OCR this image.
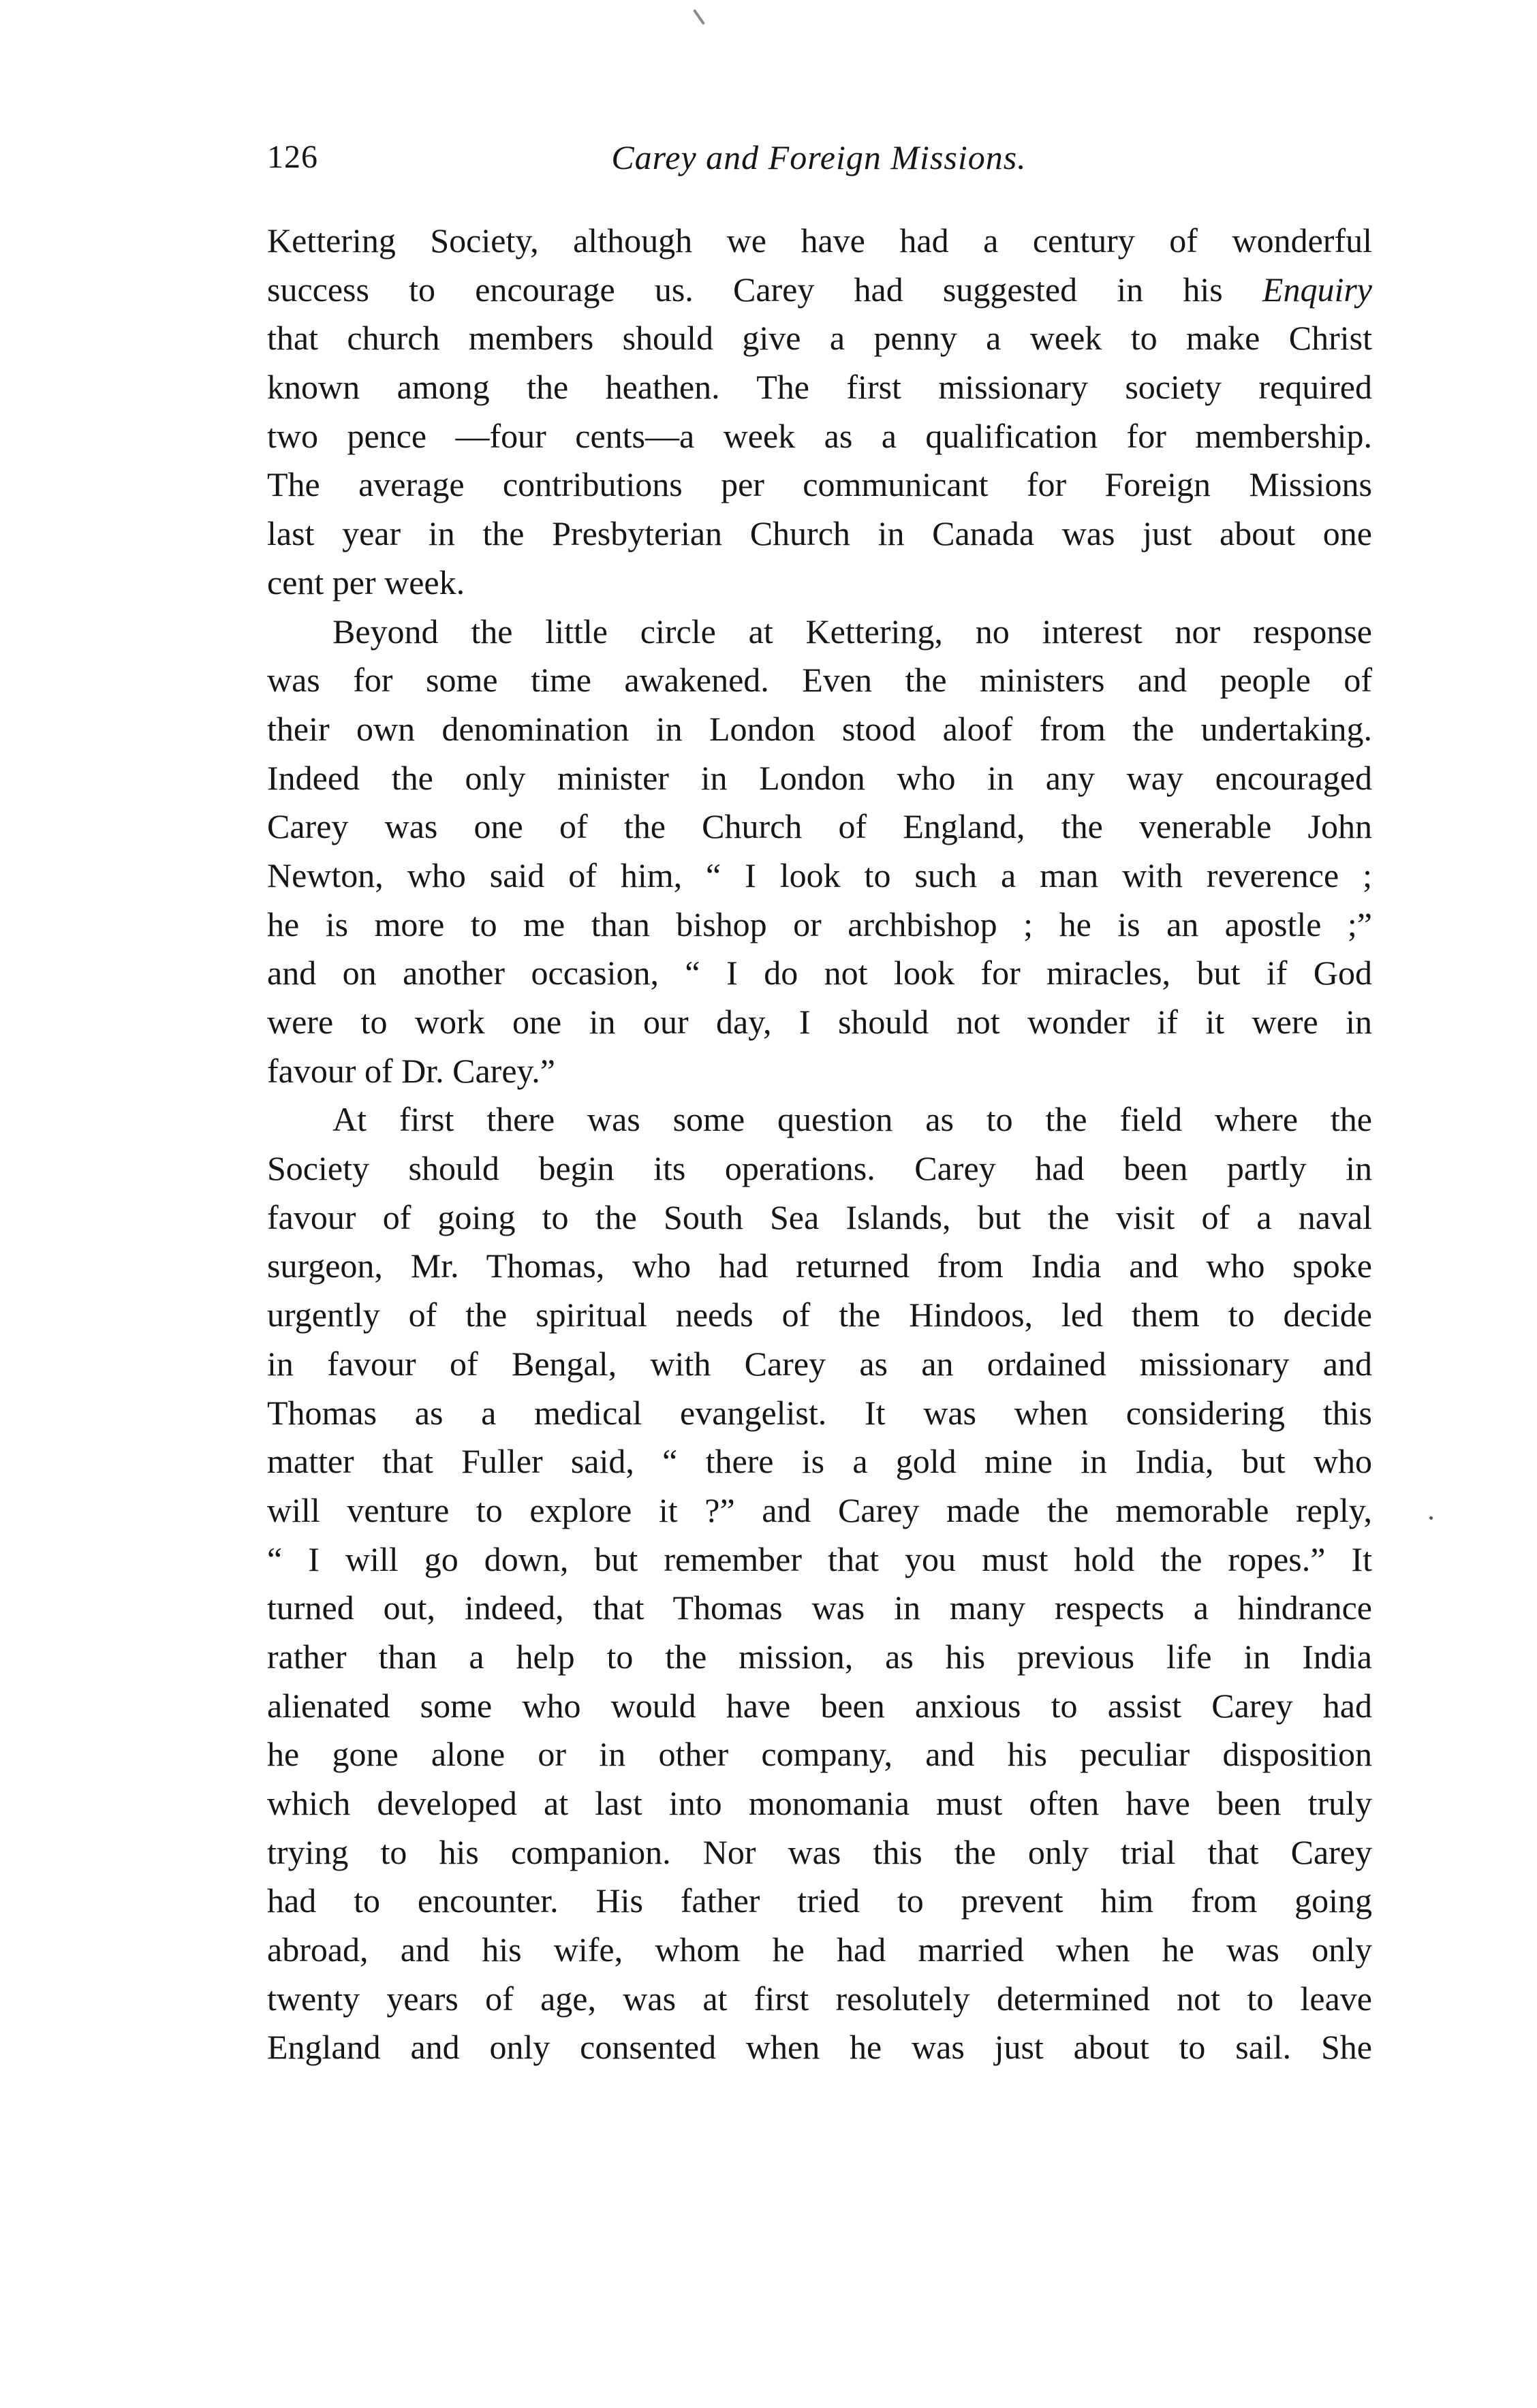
126	Carey and Foreign Missions.
Kettering Society, although we have had a century of wonderful
success to encourage us. Carey had suggested in his Enquiry
that church members should give a penny a week to make Christ
known among the heathen. The first missionary society required
two pence —four cents—a week as a qualification for membership.
The average contributions per communicant for Foreign Missions
last year in the Presbyterian Church in Canada was just about one
cent per week.
Beyond the little circle at Kettering, no interest nor response
was for some time awakened. Even the ministers and people of
their own denomination in London stood aloof from the undertaking.
Indeed the only minister in London who in any way encouraged
Carey was one of the Church of England, the venerable John
Newton, who said of him, “ I look to such a man with reverence ;
he is more to me than bishop or archbishop ; he is an apostle ;”
and on another occasion, “ I do not look for miracles, but if God
were to work one in our day, I should not wonder if it were in
favour of Dr. Carey.”
At first there was some question as to the field where the
Society should begin its operations. Carey had been partly in
favour of going to the South Sea Islands, but the visit of a naval
surgeon, Mr. Thomas, who had returned from India and who spoke
urgently of the spiritual needs of the Hindoos, led them to decide
in favour of Bengal, with Carey as an ordained missionary and
Thomas as a medical evangelist. It was when considering this
matter that Fuller said, “ there is a gold mine in India, but who
will venture to explore it ?” and Carey made the memorable reply,
“ I will go down, but remember that you must hold the ropes.” It
turned out, indeed, that Thomas was in many respects a hindrance
rather than a help to the mission, as his previous life in India
alienated some who would have been anxious to assist Carey had
he gone alone or in other company, and his peculiar disposition
which developed at last into monomania must often have been truly
trying to his companion. Nor was this the only trial that Carey
had to encounter. His father tried to prevent him from going
abroad, and his wife, whom he had married when he was only
twenty years of age, was at first resolutely determined not to leave
England and only consented when he was just about to sail. She
